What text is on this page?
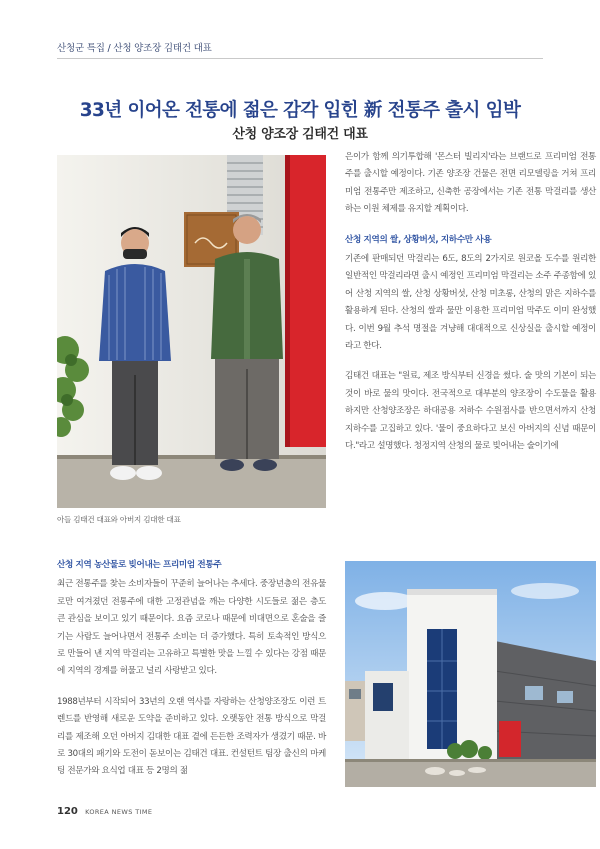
산청군 특집 / 산청 양조장 김태건 대표
33년 이어온 전통에 젊은 감각 입힌 新 전통주 출시 임박
산청 양조장 김태건 대표
아들 김태건 대표와 아버지 김대한 대표

은이가 함께 의기투합해 '몬스터 빌리지'라는 브랜드로 프리미엄 전통주를 출시할 예정이다. 기존 양조장 건물은 전면 리모델링을 거쳐 프리미엄 전통주만 제조하고, 신축한 공장에서는 기존 전통 막걸리를 생산하는 이원 체제를 유지할 계획이다.

산청 지역의 쌀, 상황버섯, 지하수만 사용

기존에 판매되던 막걸리는 6도, 8도의 2가지로 원코올 도수를 원리한 일반적인 막걸리라면 출시 예정인 프리미엄 막걸리는 소주 주종함에 있어 산청 지역의 쌀, 산청 상황버섯, 산청 미초롱, 산청의 맑은 지하수를 활용하게 된다. 산청의 쌀과 물만 이용한 프리미엄 막주도 이미 완성했다. 이번 9월 추석 명절을 겨냥해 대대적으로 신상실을 출시할 예정이라고 한다.

김태건 대표는 "원료, 제조 방식부터 신경을 썼다. 술 맛의 기본이 되는 것이 바로 물의 맛이다. 전국적으로 대부분의 양조장이 수도물을 활용하지만 산청양조장은 하대공용 저하수 수원점사를 반으면서까지 산청 지하수를 고집하고 있다. '물이 중요하다고 보신 아버지의 신념 때문이다."라고 설명했다. 청정지역 산청의 물로 빚어내는 술이기에

산청 지역 농산물로 빚어내는 프리미엄 전통주

최근 전통주를 찾는 소비자들이 꾸준히 늘어나는 추세다. 중장년층의 전유물로만 여겨졌던 전통주에 대한 고정관념을 깨는 다양한 시도들로 젊은 층도 큰 관심을 보이고 있기 때문이다. 요즘 코로나 때문에 비대면으로 혼술을 즐기는 사람도 늘어나면서 전통주 소비는 더 증가했다. 특히 토속적인 방식으로 만들어 낸 지역 막걸리는 고유하고 특별한 맛을 느낄 수 있다는 강점 때문에 지역의 경계를 허물고 널리 사랑받고 있다.

1988년부터 시작되어 33년의 오랜 역사를 자랑하는 산청양조장도 이런 트렌드를 반영해 새로운 도약을 준비하고 있다. 오랫동안 전통 방식으로 막걸리를 제조해 오던 아버지 김대한 대표 곁에 든든한 조력자가 생겼기 때문. 바로 30대의 패기와 도전이 돋보이는 김태건 대표. 컨설턴트 팀장 출신의 마케팅 전문가와 요식업 대표 등 2명의 젊

120 KOREA NEWS TIME
